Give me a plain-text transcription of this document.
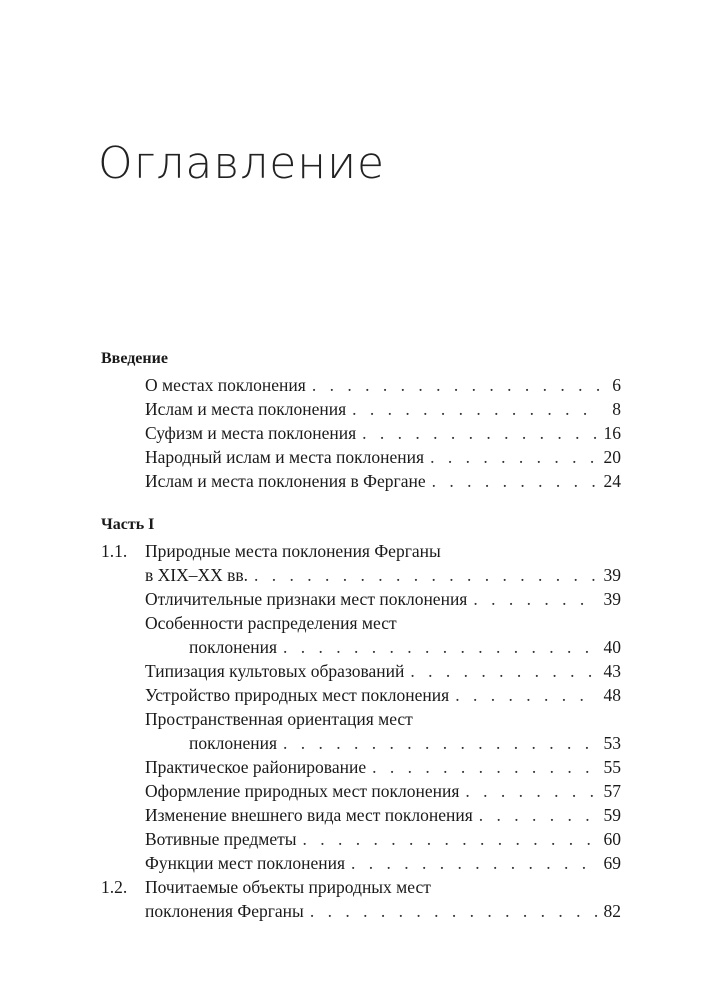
Оглавление
Введение
О местах поклонения . . .	6
Ислам и места поклонения . . .	8
Суфизм и места поклонения . . .	16
Народный ислам и места поклонения . . .	20
Ислам и места поклонения в Фергане . . .	24
Часть I
1.1. Природные места поклонения Ферганы
в XIX–XX вв. . . .	39
Отличительные признаки мест поклонения . . .	39
Особенности распределения мест
поклонения . . .	40
Типизация культовых образований . . .	43
Устройство природных мест поклонения . . .	48
Пространственная ориентация мест
поклонения . . .	53
Практическое районирование . . .	55
Оформление природных мест поклонения . . .	57
Изменение внешнего вида мест поклонения . . .	59
Вотивные предметы . . .	60
Функции мест поклонения . . .	69
1.2. Почитаемые объекты природных мест
поклонения Ферганы . . .	82
